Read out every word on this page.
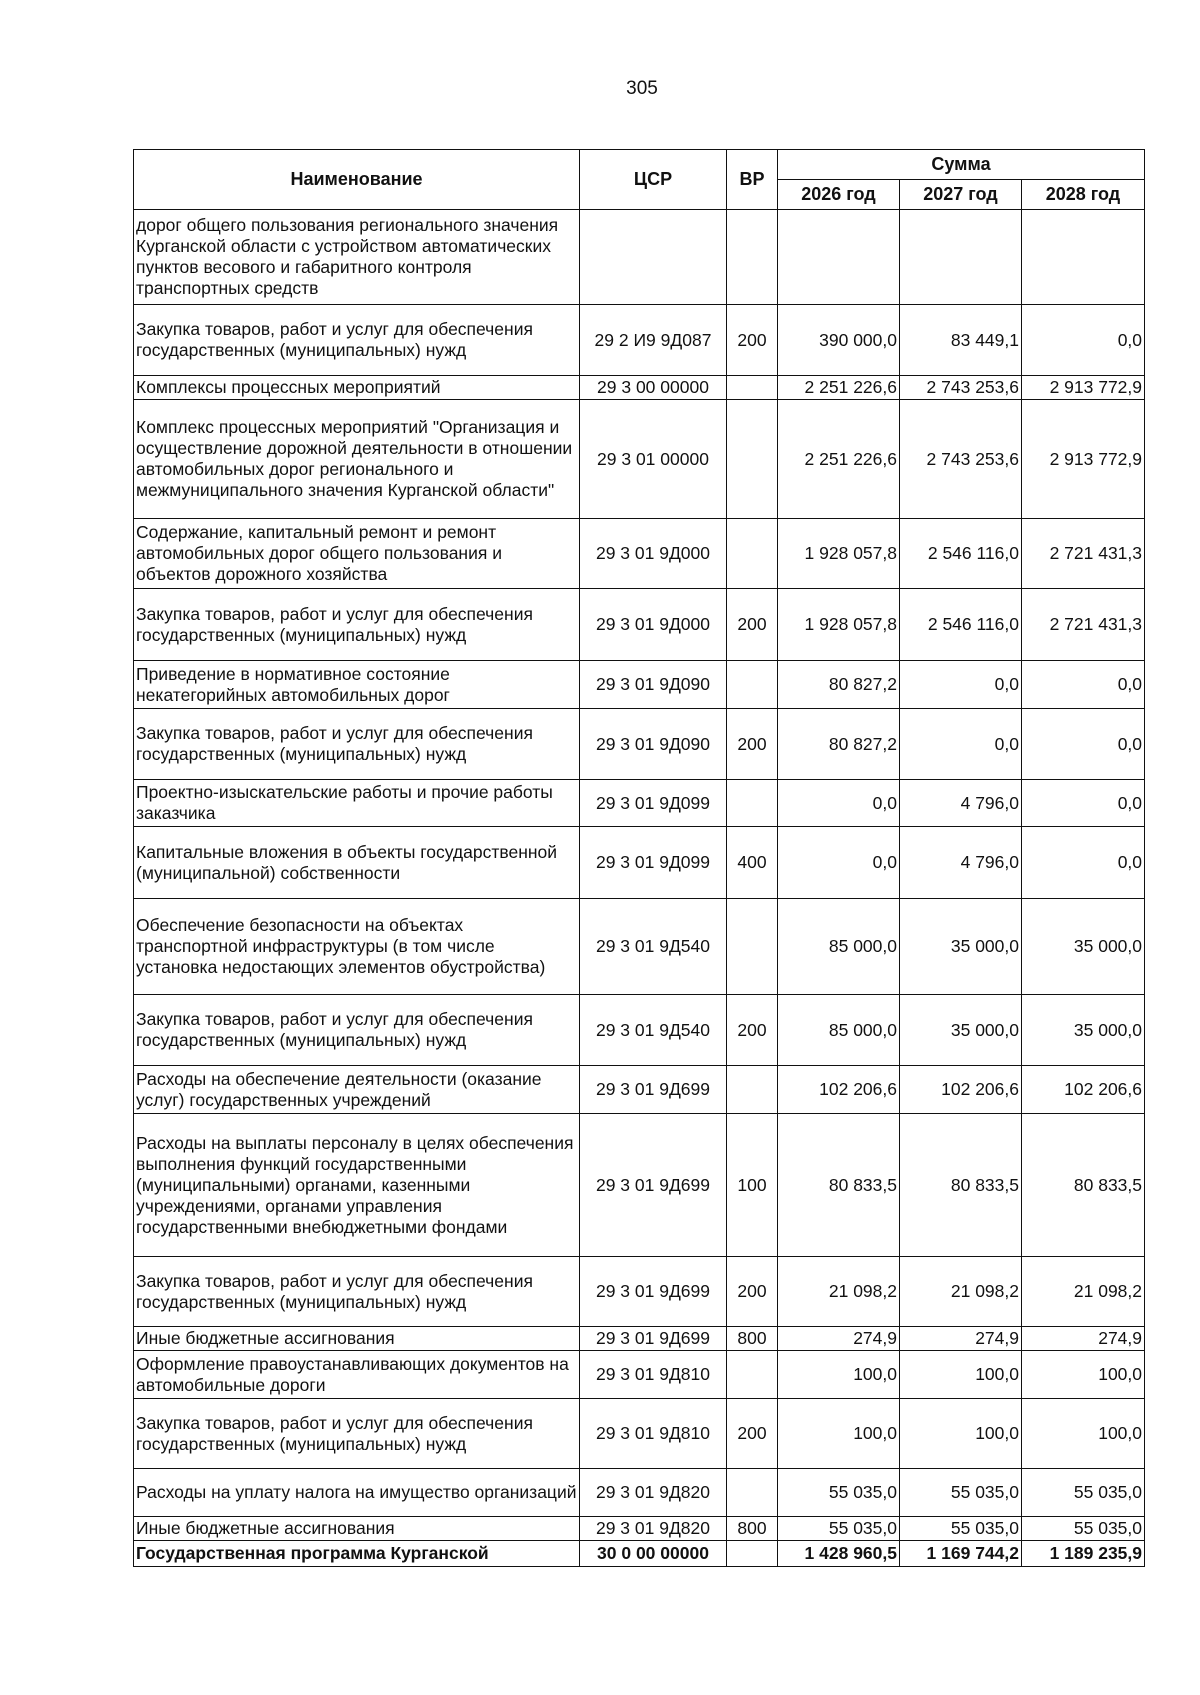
305
Наименование	ЦСР	ВР	Сумма		
			2026 год	2027 год	2028 год
дорог общего пользования регионального значения Курганской области с устройством автоматических пунктов весового и габаритного контроля транспортных средств					
Закупка товаров, работ и услуг для обеспечения государственных (муниципальных) нужд	29 2 И9 9Д087	200	390 000,0	83 449,1	0,0
Комплексы процессных мероприятий	29 3 00 00000		2 251 226,6	2 743 253,6	2 913 772,9
Комплекс процессных мероприятий "Организация и осуществление дорожной деятельности в отношении автомобильных дорог регионального и межмуниципального значения Курганской области"	29 3 01 00000		2 251 226,6	2 743 253,6	2 913 772,9
Содержание, капитальный ремонт и ремонт автомобильных дорог общего пользования и объектов дорожного хозяйства	29 3 01 9Д000		1 928 057,8	2 546 116,0	2 721 431,3
Закупка товаров, работ и услуг для обеспечения государственных (муниципальных) нужд	29 3 01 9Д000	200	1 928 057,8	2 546 116,0	2 721 431,3
Приведение в нормативное состояние некатегорийных автомобильных дорог	29 3 01 9Д090		80 827,2	0,0	0,0
Закупка товаров, работ и услуг для обеспечения государственных (муниципальных) нужд	29 3 01 9Д090	200	80 827,2	0,0	0,0
Проектно-изыскательские работы и прочие работы заказчика	29 3 01 9Д099		0,0	4 796,0	0,0
Капитальные вложения в объекты государственной (муниципальной) собственности	29 3 01 9Д099	400	0,0	4 796,0	0,0
Обеспечение безопасности на объектах транспортной инфраструктуры (в том числе установка недостающих элементов обустройства)	29 3 01 9Д540		85 000,0	35 000,0	35 000,0
Закупка товаров, работ и услуг для обеспечения государственных (муниципальных) нужд	29 3 01 9Д540	200	85 000,0	35 000,0	35 000,0
Расходы на обеспечение деятельности (оказание услуг) государственных учреждений	29 3 01 9Д699		102 206,6	102 206,6	102 206,6
Расходы на выплаты персоналу в целях обеспечения выполнения функций государственными (муниципальными) органами, казенными учреждениями, органами управления государственными внебюджетными фондами	29 3 01 9Д699	100	80 833,5	80 833,5	80 833,5
Закупка товаров, работ и услуг для обеспечения государственных (муниципальных) нужд	29 3 01 9Д699	200	21 098,2	21 098,2	21 098,2
Иные бюджетные ассигнования	29 3 01 9Д699	800	274,9	274,9	274,9
Оформление правоустанавливающих документов на автомобильные дороги	29 3 01 9Д810		100,0	100,0	100,0
Закупка товаров, работ и услуг для обеспечения государственных (муниципальных) нужд	29 3 01 9Д810	200	100,0	100,0	100,0
Расходы на уплату налога на имущество организаций	29 3 01 9Д820		55 035,0	55 035,0	55 035,0
Иные бюджетные ассигнования	29 3 01 9Д820	800	55 035,0	55 035,0	55 035,0
Государственная программа Курганской	30 0 00 00000		1 428 960,5	1 169 744,2	1 189 235,9
